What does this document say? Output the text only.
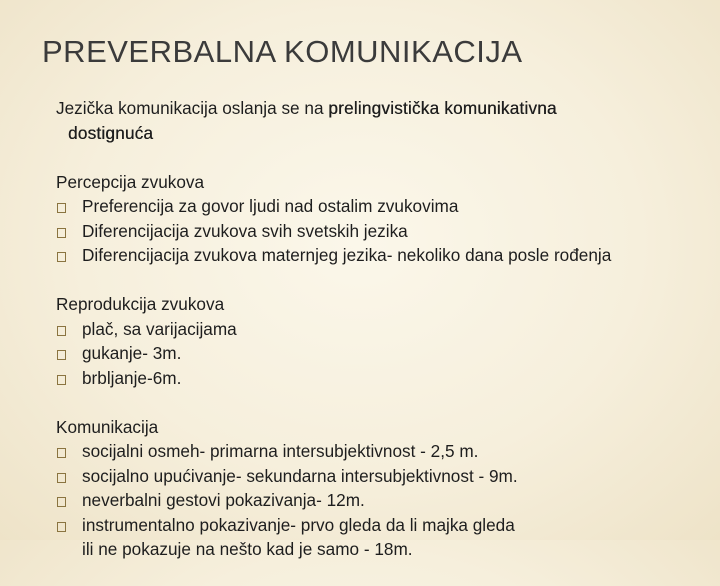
PREVERBALNA KOMUNIKACIJA
Jezička komunikacija oslanja se na prelingvistička komunikativna
dostignuća
Percepcija zvukova
Preferencija za govor ljudi nad ostalim zvukovima
Diferencijacija zvukova svih svetskih jezika
Diferencijacija zvukova maternjeg jezika- nekoliko dana posle rođenja
Reprodukcija zvukova
plač, sa varijacijama
gukanje- 3m.
brbljanje-6m.
Komunikacija
socijalni osmeh- primarna intersubjektivnost - 2,5 m.
socijalno upućivanje- sekundarna intersubjektivnost - 9m.
neverbalni gestovi pokazivanja- 12m.
instrumentalno pokazivanje- prvo gleda da li majka gleda
ili ne pokazuje na nešto kad je samo - 18m.
